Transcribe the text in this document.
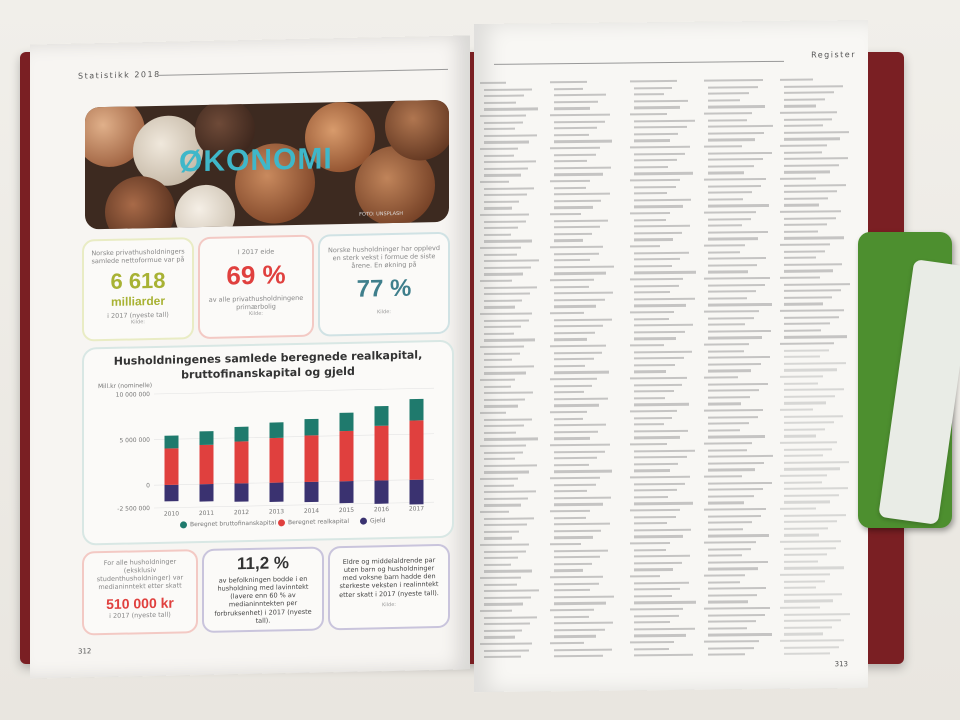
Statistikk 2018
ØKONOMI
FOTO: UNSPLASH
Norske privathusholdningers samlede nettoformue var på
6 618
milliarder
i 2017 (nyeste tall)
Kilde:
I 2017 eide
69 %
av alle privathusholdningene primærbolig
Kilde:
Norske husholdninger har opplevd en sterk vekst i formue de siste årene. En økning på
77 %
Kilde:
Husholdningenes samlede beregnede realkapital, bruttofinanskapital og gjeld
Mill.kr (nominelle)
10 000 000
5 000 000
0
-2 500 000
2010	2011	2012	2013	2014	2015	2016	2017
Beregnet bruttofinanskapital Beregnet realkapital	Gjeld
For alle husholdninger (eksklusiv studenthusholdninger) var medianinntekt etter skatt
510 000 kr
i 2017 (nyeste tall)
11,2 %
av befolkningen bodde i en husholdning med lavinntekt (lavere enn 60 % av medianinntekten per forbruksenhet) i 2017 (nyeste tall).
Eldre og middelaldrende par uten barn og husholdninger med voksne barn hadde den sterkeste veksten i realinntekt etter skatt i 2017 (nyeste tall).
Kilde:
312
Register
313
